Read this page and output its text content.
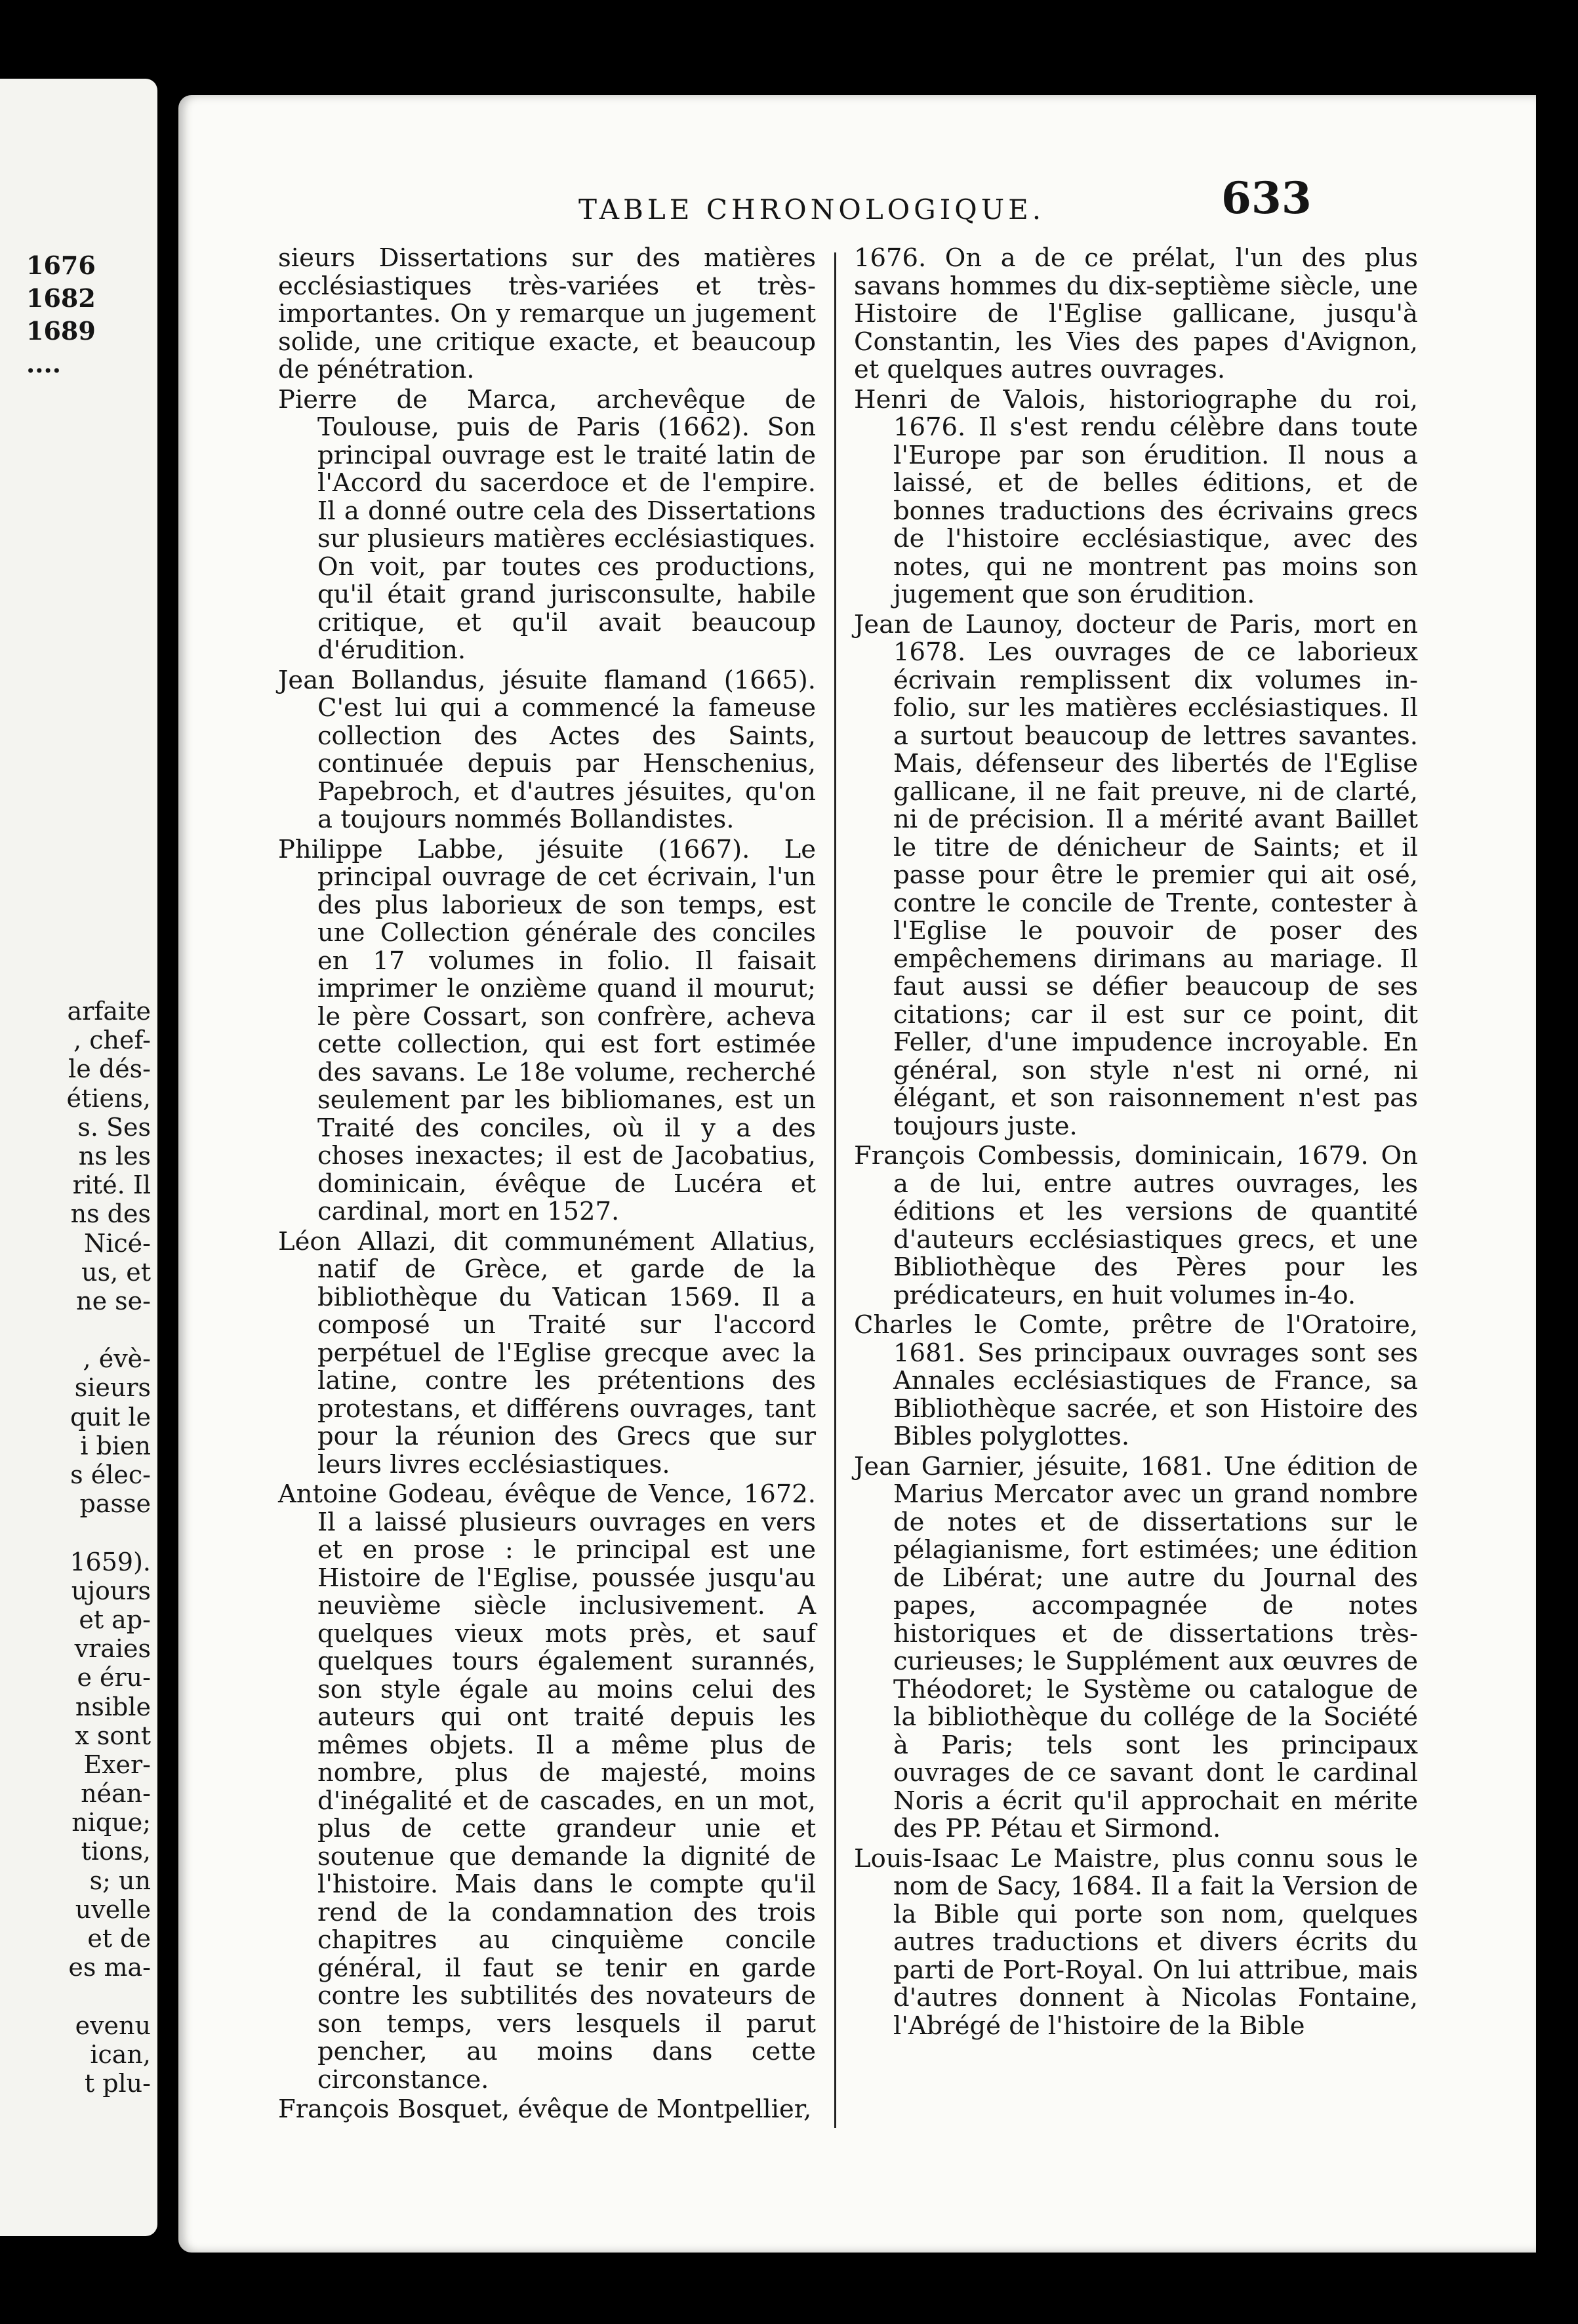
1676
1682
1689
....
arfaite
, chef-
le dés-
étiens,
s. Ses
ns les
rité. Il
ns des
Nicé-
us, et
ne se-
, évè-
sieurs
quit le
i bien
s élec-
passe
1659).
ujours
et ap-
vraies
e éru-
nsible
x sont
Exer-
néan-
nique;
tions,
s; un
uvelle
et de
es ma-
evenu
ican,
t plu-
TABLE CHRONOLOGIQUE.	633
sieurs Dissertations sur des matières ecclésiastiques très-variées et très-importantes. On y remarque un jugement solide, une critique exacte, et beaucoup de pénétration.
Pierre de Marca, archevêque de Toulouse, puis de Paris (1662). Son principal ouvrage est le traité latin de l'Accord du sacerdoce et de l'empire. Il a donné outre cela des Dissertations sur plusieurs matières ecclésiastiques. On voit, par toutes ces productions, qu'il était grand jurisconsulte, habile critique, et qu'il avait beaucoup d'érudition.
Jean Bollandus, jésuite flamand (1665). C'est lui qui a commencé la fameuse collection des Actes des Saints, continuée depuis par Henschenius, Papebroch, et d'autres jésuites, qu'on a toujours nommés Bollandistes.
Philippe Labbe, jésuite (1667). Le principal ouvrage de cet écrivain, l'un des plus laborieux de son temps, est une Collection générale des conciles en 17 volumes in folio. Il faisait imprimer le onzième quand il mourut; le père Cossart, son confrère, acheva cette collection, qui est fort estimée des savans. Le 18e volume, recherché seulement par les bibliomanes, est un Traité des conciles, où il y a des choses inexactes; il est de Jacobatius, dominicain, évêque de Lucéra et cardinal, mort en 1527.
Léon Allazi, dit communément Allatius, natif de Grèce, et garde de la bibliothèque du Vatican 1569. Il a composé un Traité sur l'accord perpétuel de l'Eglise grecque avec la latine, contre les prétentions des protestans, et différens ouvrages, tant pour la réunion des Grecs que sur leurs livres ecclésiastiques.
Antoine Godeau, évêque de Vence, 1672. Il a laissé plusieurs ouvrages en vers et en prose : le principal est une Histoire de l'Eglise, poussée jusqu'au neuvième siècle inclusivement. A quelques vieux mots près, et sauf quelques tours également surannés, son style égale au moins celui des auteurs qui ont traité depuis les mêmes objets. Il a même plus de nombre, plus de majesté, moins d'inégalité et de cascades, en un mot, plus de cette grandeur unie et soutenue que demande la dignité de l'histoire. Mais dans le compte qu'il rend de la condamnation des trois chapitres au cinquième concile général, il faut se tenir en garde contre les subtilités des novateurs de son temps, vers lesquels il parut pencher, au moins dans cette circonstance.
François Bosquet, évêque de Montpellier,
1676. On a de ce prélat, l'un des plus savans hommes du dix-septième siècle, une Histoire de l'Eglise gallicane, jusqu'à Constantin, les Vies des papes d'Avignon, et quelques autres ouvrages.
Henri de Valois, historiographe du roi, 1676. Il s'est rendu célèbre dans toute l'Europe par son érudition. Il nous a laissé, et de belles éditions, et de bonnes traductions des écrivains grecs de l'histoire ecclésiastique, avec des notes, qui ne montrent pas moins son jugement que son érudition.
Jean de Launoy, docteur de Paris, mort en 1678. Les ouvrages de ce laborieux écrivain remplissent dix volumes in-folio, sur les matières ecclésiastiques. Il a surtout beaucoup de lettres savantes. Mais, défenseur des libertés de l'Eglise gallicane, il ne fait preuve, ni de clarté, ni de précision. Il a mérité avant Baillet le titre de dénicheur de Saints; et il passe pour être le premier qui ait osé, contre le concile de Trente, contester à l'Eglise le pouvoir de poser des empêchemens dirimans au mariage. Il faut aussi se défier beaucoup de ses citations; car il est sur ce point, dit Feller, d'une impudence incroyable. En général, son style n'est ni orné, ni élégant, et son raisonnement n'est pas toujours juste.
François Combessis, dominicain, 1679. On a de lui, entre autres ouvrages, les éditions et les versions de quantité d'auteurs ecclésiastiques grecs, et une Bibliothèque des Pères pour les prédicateurs, en huit volumes in-4o.
Charles le Comte, prêtre de l'Oratoire, 1681. Ses principaux ouvrages sont ses Annales ecclésiastiques de France, sa Bibliothèque sacrée, et son Histoire des Bibles polyglottes.
Jean Garnier, jésuite, 1681. Une édition de Marius Mercator avec un grand nombre de notes et de dissertations sur le pélagianisme, fort estimées; une édition de Libérat; une autre du Journal des papes, accompagnée de notes historiques et de dissertations très-curieuses; le Supplément aux œuvres de Théodoret; le Système ou catalogue de la bibliothèque du collége de la Société à Paris; tels sont les principaux ouvrages de ce savant dont le cardinal Noris a écrit qu'il approchait en mérite des PP. Pétau et Sirmond.
Louis-Isaac Le Maistre, plus connu sous le nom de Sacy, 1684. Il a fait la Version de la Bible qui porte son nom, quelques autres traductions et divers écrits du parti de Port-Royal. On lui attribue, mais d'autres donnent à Nicolas Fontaine, l'Abrégé de l'histoire de la Bible
